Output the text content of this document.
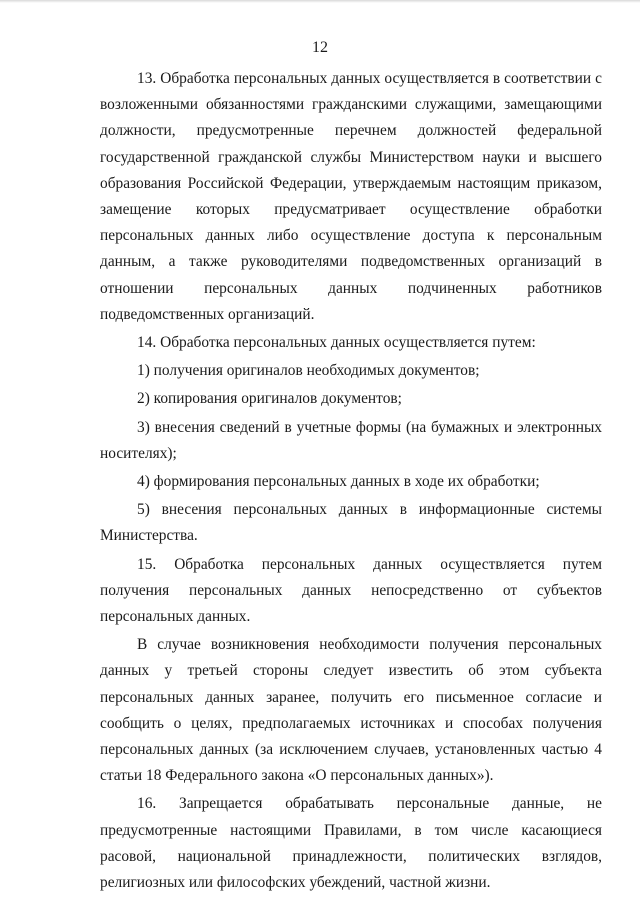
12

13. Обработка персональных данных осуществляется в соответствии с возложенными обязанностями гражданскими служащими, замещающими должности, предусмотренные перечнем должностей федеральной государственной гражданской службы Министерством науки и высшего образования Российской Федерации, утверждаемым настоящим приказом, замещение которых предусматривает осуществление обработки персональных данных либо осуществление доступа к персональным данным, а также руководителями подведомственных организаций в отношении персональных данных подчиненных работников подведомственных организаций.

14. Обработка персональных данных осуществляется путем:

1) получения оригиналов необходимых документов;

2) копирования оригиналов документов;

3) внесения сведений в учетные формы (на бумажных и электронных носителях);

4) формирования персональных данных в ходе их обработки;

5) внесения персональных данных в информационные системы Министерства.

15. Обработка персональных данных осуществляется путем получения персональных данных непосредственно от субъектов персональных данных.

В случае возникновения необходимости получения персональных данных у третьей стороны следует известить об этом субъекта персональных данных заранее, получить его письменное согласие и сообщить о целях, предполагаемых источниках и способах получения персональных данных (за исключением случаев, установленных частью 4 статьи 18 Федерального закона «О персональных данных»).

16. Запрещается обрабатывать персональные данные, не предусмотренные настоящими Правилами, в том числе касающиеся расовой, национальной принадлежности, политических взглядов, религиозных или философских убеждений, частной жизни.
